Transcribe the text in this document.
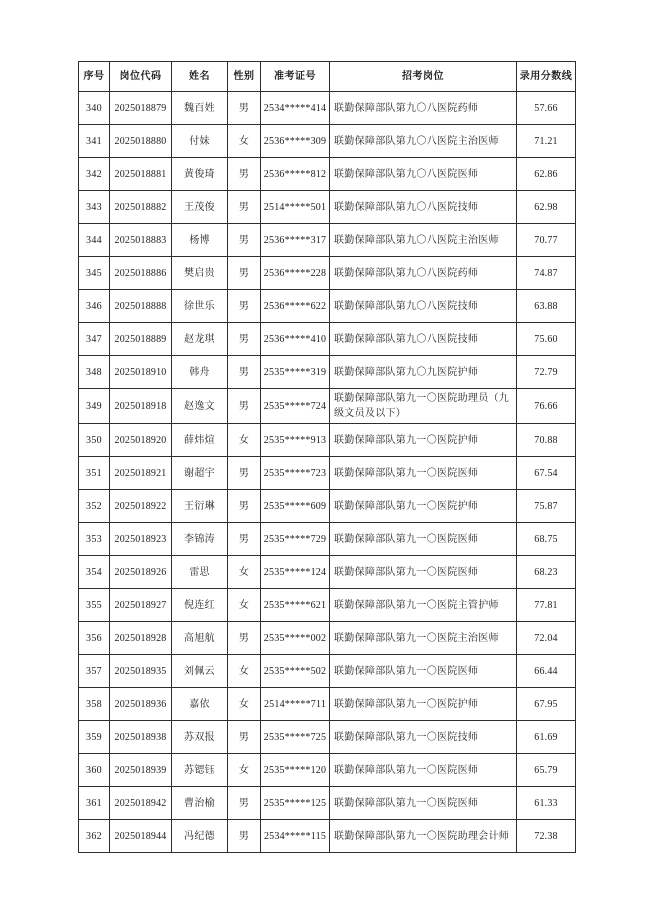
序号	岗位代码	姓名	性别	准考证号	招考岗位	录用分数线
340	2025018879	魏百姓	男	2534*****414	联勤保障部队第九〇八医院药师	57.66
341	2025018880	付妹	女	2536*****309	联勤保障部队第九〇八医院主治医师	71.21
342	2025018881	黄俊琦	男	2536*****812	联勤保障部队第九〇八医院医师	62.86
343	2025018882	王茂俊	男	2514*****501	联勤保障部队第九〇八医院技师	62.98
344	2025018883	杨博	男	2536*****317	联勤保障部队第九〇八医院主治医师	70.77
345	2025018886	樊启贵	男	2536*****228	联勤保障部队第九〇八医院药师	74.87
346	2025018888	徐世乐	男	2536*****622	联勤保障部队第九〇八医院技师	63.88
347	2025018889	赵龙琪	男	2536*****410	联勤保障部队第九〇八医院技师	75.60
348	2025018910	韩舟	男	2535*****319	联勤保障部队第九〇九医院护师	72.79
349	2025018918	赵逸文	男	2535*****724	联勤保障部队第九一〇医院助理员（九级文员及以下）	76.66
350	2025018920	薛炜煊	女	2535*****913	联勤保障部队第九一〇医院护师	70.88
351	2025018921	谢超宇	男	2535*****723	联勤保障部队第九一〇医院医师	67.54
352	2025018922	王衍琳	男	2535*****609	联勤保障部队第九一〇医院护师	75.87
353	2025018923	李锦涛	男	2535*****729	联勤保障部队第九一〇医院医师	68.75
354	2025018926	雷思	女	2535*****124	联勤保障部队第九一〇医院医师	68.23
355	2025018927	倪连红	女	2535*****621	联勤保障部队第九一〇医院主管护师	77.81
356	2025018928	高旭航	男	2535*****002	联勤保障部队第九一〇医院主治医师	72.04
357	2025018935	刘佩云	女	2535*****502	联勤保障部队第九一〇医院医师	66.44
358	2025018936	嘉依	女	2514*****711	联勤保障部队第九一〇医院护师	67.95
359	2025018938	苏双报	男	2535*****725	联勤保障部队第九一〇医院技师	61.69
360	2025018939	苏锶钰	女	2535*****120	联勤保障部队第九一〇医院医师	65.79
361	2025018942	曹治榆	男	2535*****125	联勤保障部队第九一〇医院医师	61.33
362	2025018944	冯纪德	男	2534*****115	联勤保障部队第九一〇医院助理会计师	72.38
